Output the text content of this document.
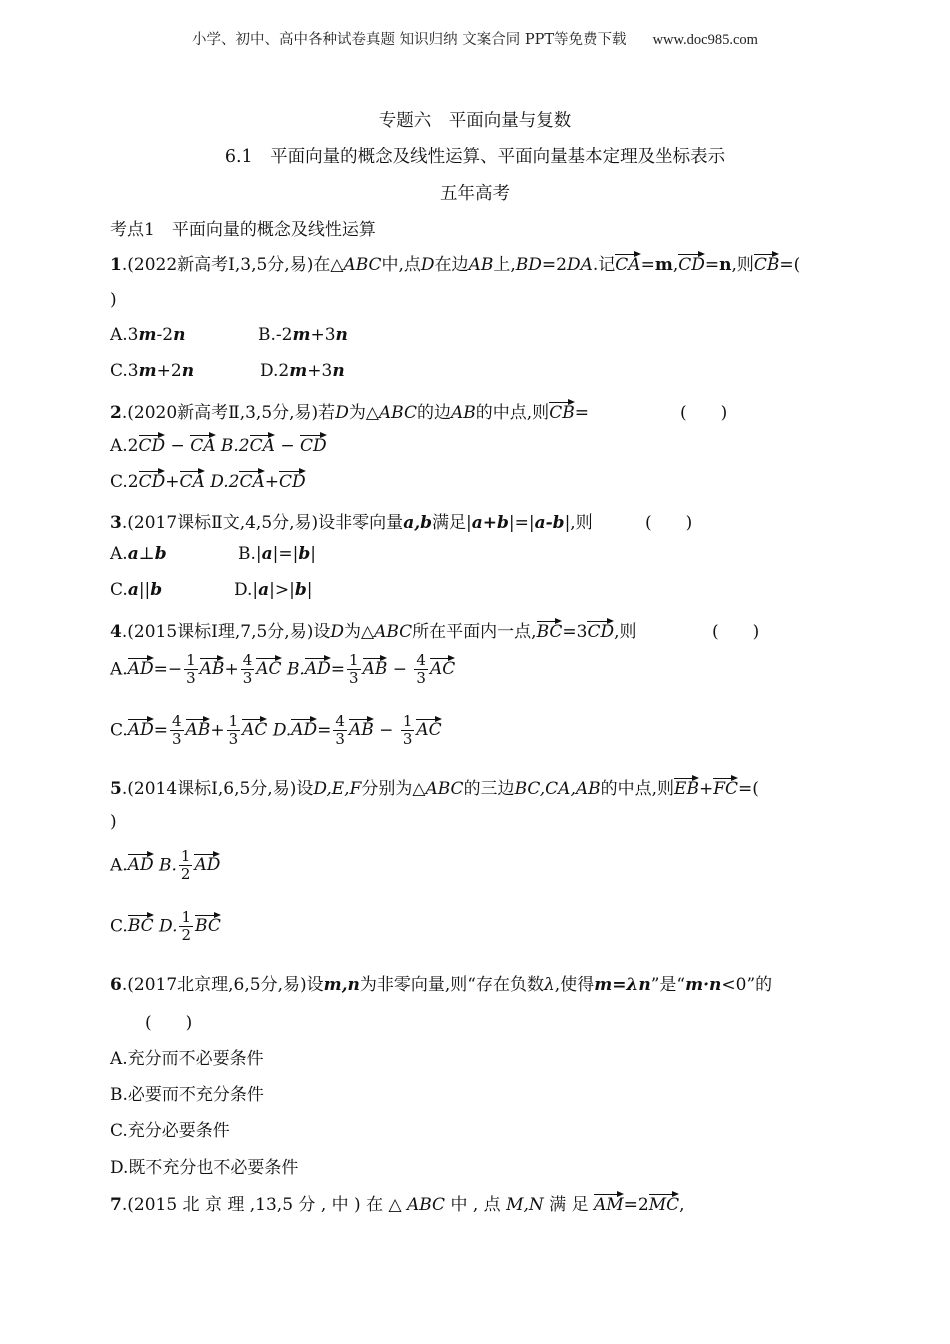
小学、初中、高中各种试卷真题 知识归纳 文案合同 PPT等免费下载 www.doc985.com
专题六　平面向量与复数
6.1　平面向量的概念及线性运算、平面向量基本定理及坐标表示
五年高考
考点1　平面向量的概念及线性运算
1.(2022新高考Ⅰ,3,5分,易)在△ABC中,点D在边AB上,BD=2DA.记CA=m,CD=n,则CB=(
)
A.3m-2n	B.-2m+3n
C.3m+2n	D.2m+3n
2.(2020新高考Ⅱ,3,5分,易)若D为△ABC的边AB的中点,则CB=	(　　)
A.2CD − CA B.2CA − CD
C.2CD+CA D.2CA+CD
3.(2017课标Ⅱ文,4,5分,易)设非零向量a,b满足|a+b|=|a-b|,则	(　　)
A.a⊥b	B.|a|=|b|
C.a||b	D.|a|>|b|
4.(2015课标Ⅰ理,7,5分,易)设D为△ABC所在平面内一点,BC=3CD,则	(　　)
$A.AD=- \frac{1}{3} AB+ \frac{4}{3}$ AC $B.AD= \frac{1}{3}$ AB − $\frac{4}{3}$ AC
$C.AD= \frac{4}{3} AB+ \frac{1}{3}$ AC $D.AD= \frac{4}{3}$ AB − $\frac{1}{3}$ AC
5.(2014课标Ⅰ,6,5分,易)设D,E,F分别为△ABC的三边BC,CA,AB的中点,则EB+FC=(
)
A.AD B. $\frac{1}{2}$ AD
C.BC D. $\frac{1}{2}$ BC
6.(2017北京理,6,5分,易)设m,n为非零向量,则“存在负数λ,使得m=λn”是“m·n<0”的
(　　)
A.充分而不必要条件
B.必要而不充分条件
C.充分必要条件
D.既不充分也不必要条件
7.(2015 北 京 理 ,13,5 分 , 中 ) 在 △ ABC 中 , 点 M,N 满 足 AM=2MC,
